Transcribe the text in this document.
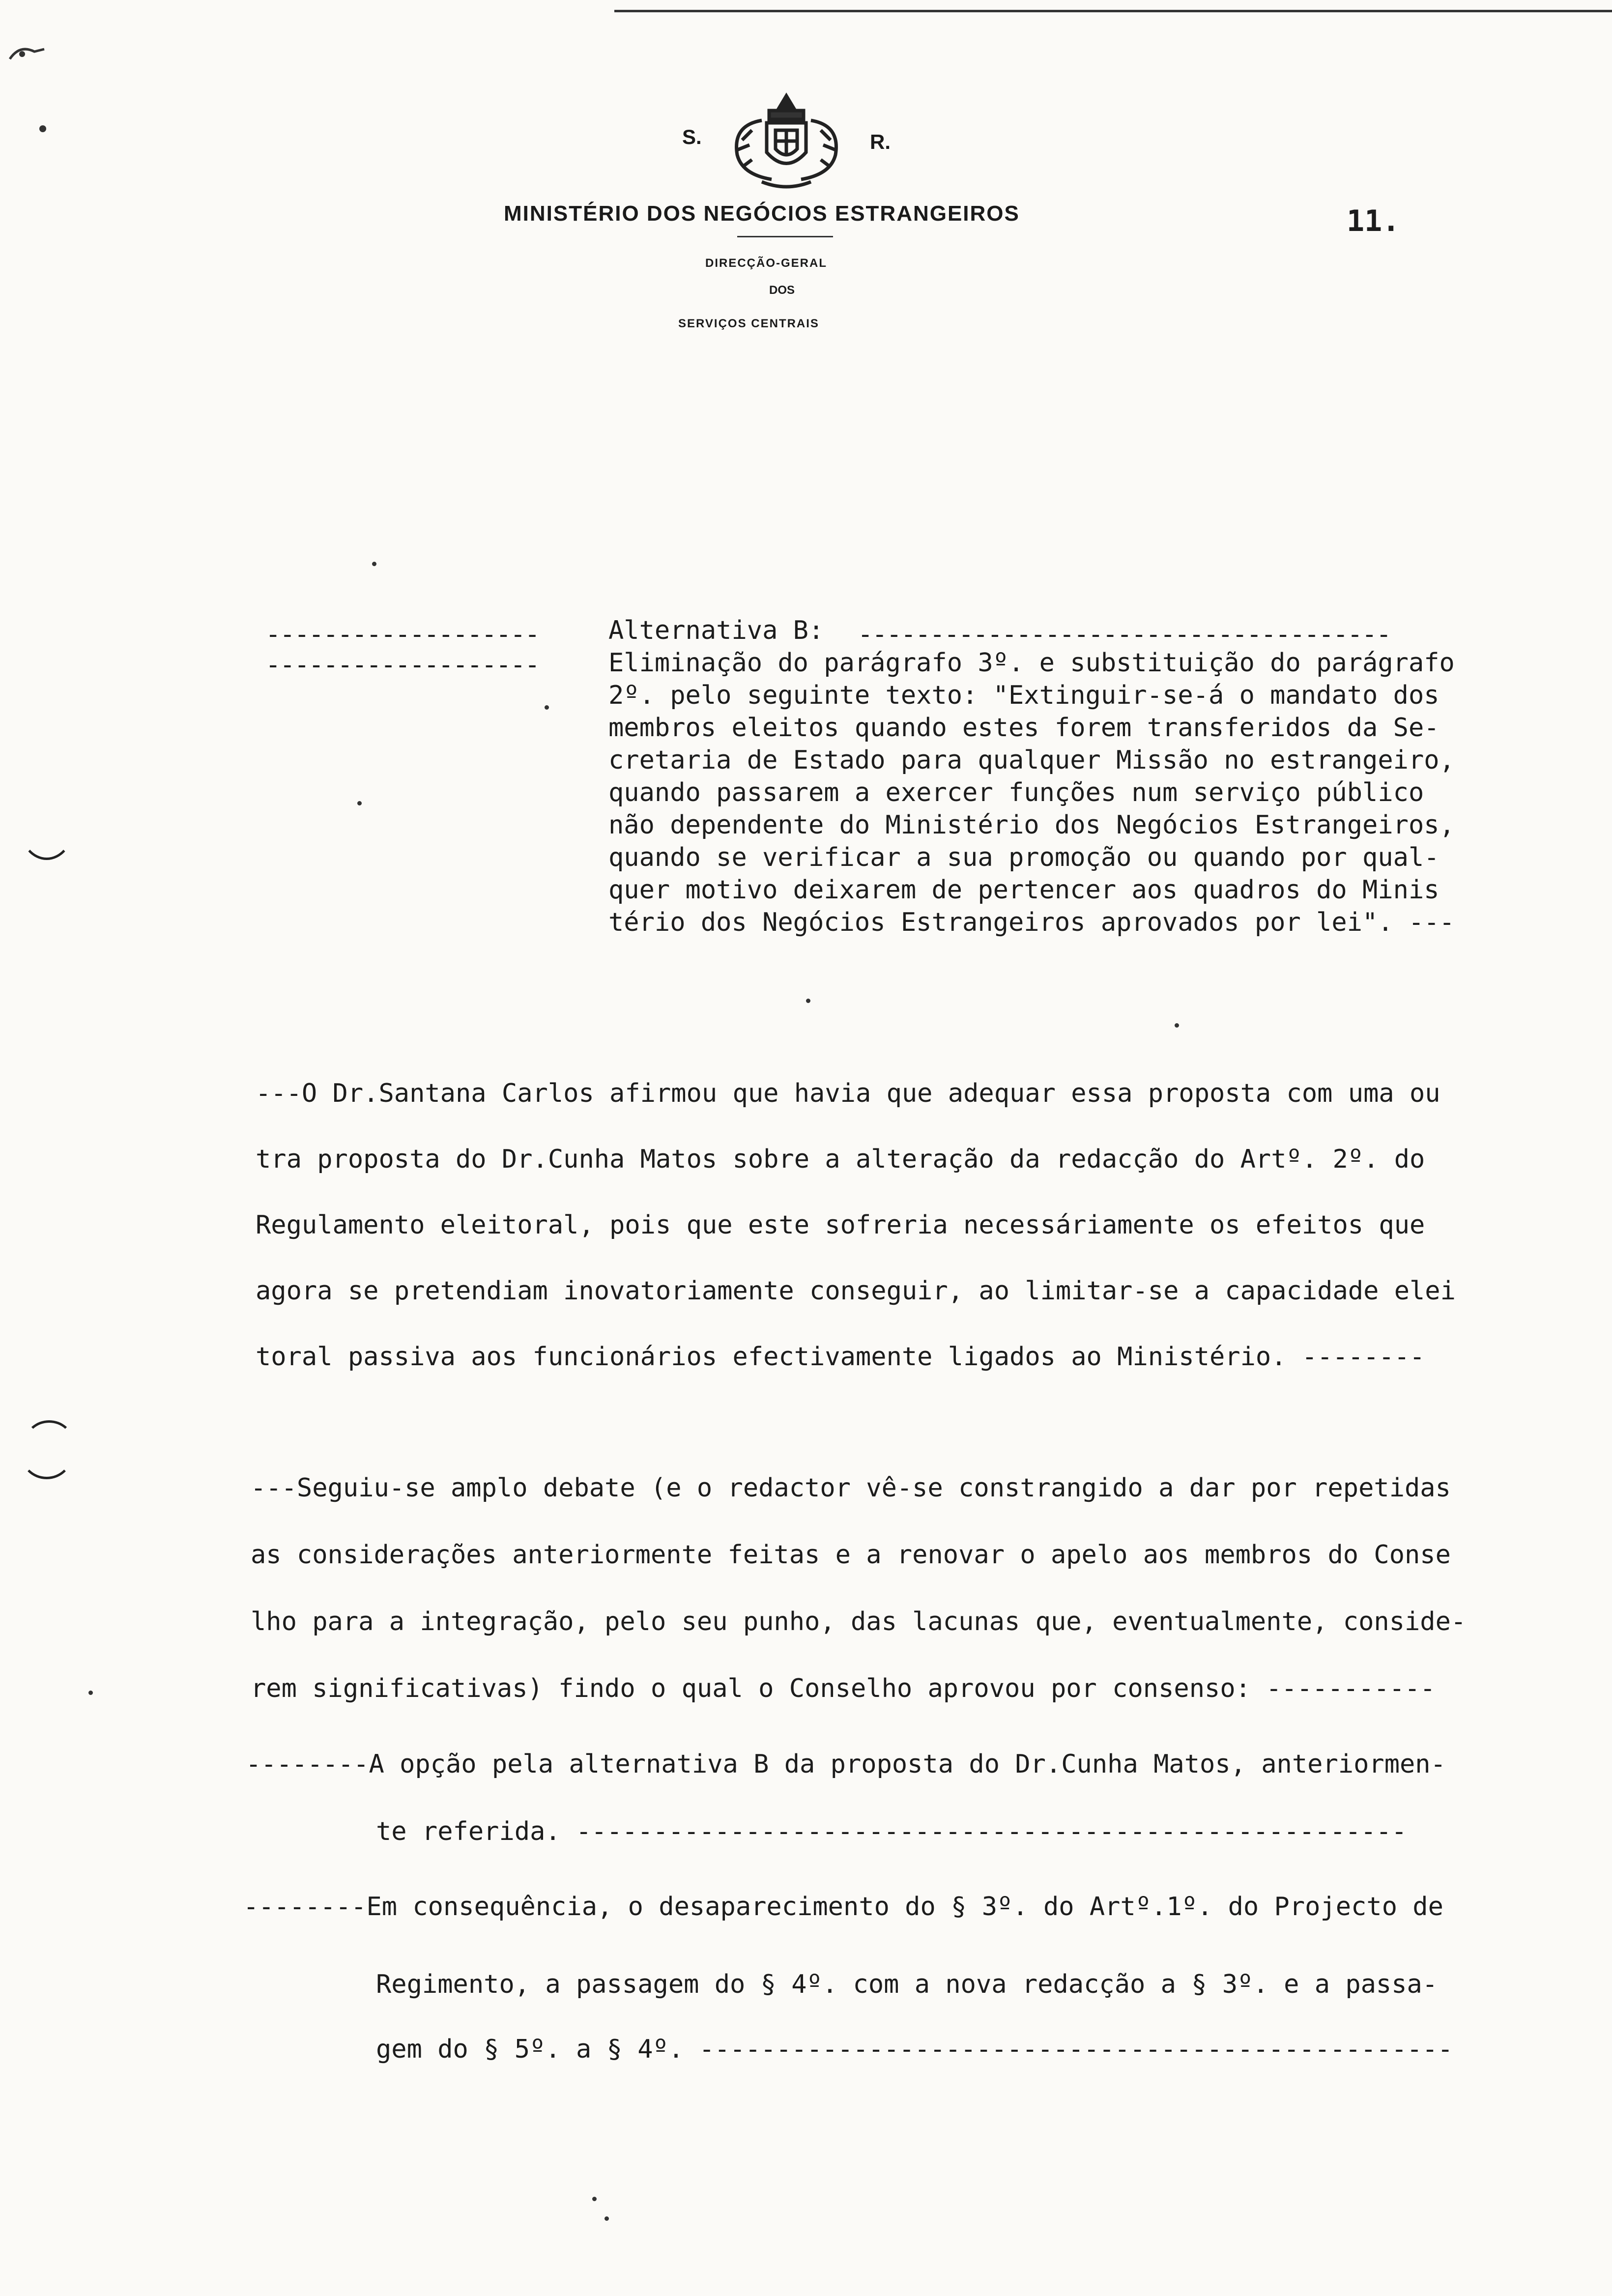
S.	R.
MINISTÉRIO DOS NEGÓCIOS ESTRANGEIROS
DIRECÇÃO-GERAL
DOS
SERVIÇOS CENTRAIS
11.
-------------------	Alternativa B: -------------------------------------
-------------------	Eliminação do parágrafo 3º. e substituição do parágrafo
2º. pelo seguinte texto: "Extinguir-se-á o mandato dos
membros eleitos quando estes forem transferidos da Se-
cretaria de Estado para qualquer Missão no estrangeiro,
quando passarem a exercer funções num serviço público
não dependente do Ministério dos Negócios Estrangeiros,
quando se verificar a sua promoção ou quando por qual-
quer motivo deixarem de pertencer aos quadros do Minis
tério dos Negócios Estrangeiros aprovados por lei". ---
---O Dr.Santana Carlos afirmou que havia que adequar essa proposta com uma ou
tra proposta do Dr.Cunha Matos sobre a alteração da redacção do Artº. 2º. do
Regulamento eleitoral, pois que este sofreria necessáriamente os efeitos que
agora se pretendiam inovatoriamente conseguir, ao limitar-se a capacidade elei
toral passiva aos funcionários efectivamente ligados ao Ministério. --------
---Seguiu-se amplo debate (e o redactor vê-se constrangido a dar por repetidas
as considerações anteriormente feitas e a renovar o apelo aos membros do Conse
lho para a integração, pelo seu punho, das lacunas que, eventualmente, conside-
rem significativas) findo o qual o Conselho aprovou por consenso: -----------
--------A opção pela alternativa B da proposta do Dr.Cunha Matos, anteriormen-
te referida. ------------------------------------------------------
--------Em consequência, o desaparecimento do § 3º. do Artº.1º. do Projecto de
Regimento, a passagem do § 4º. com a nova redacção a § 3º. e a passa-
gem do § 5º. a § 4º. -------------------------------------------------
